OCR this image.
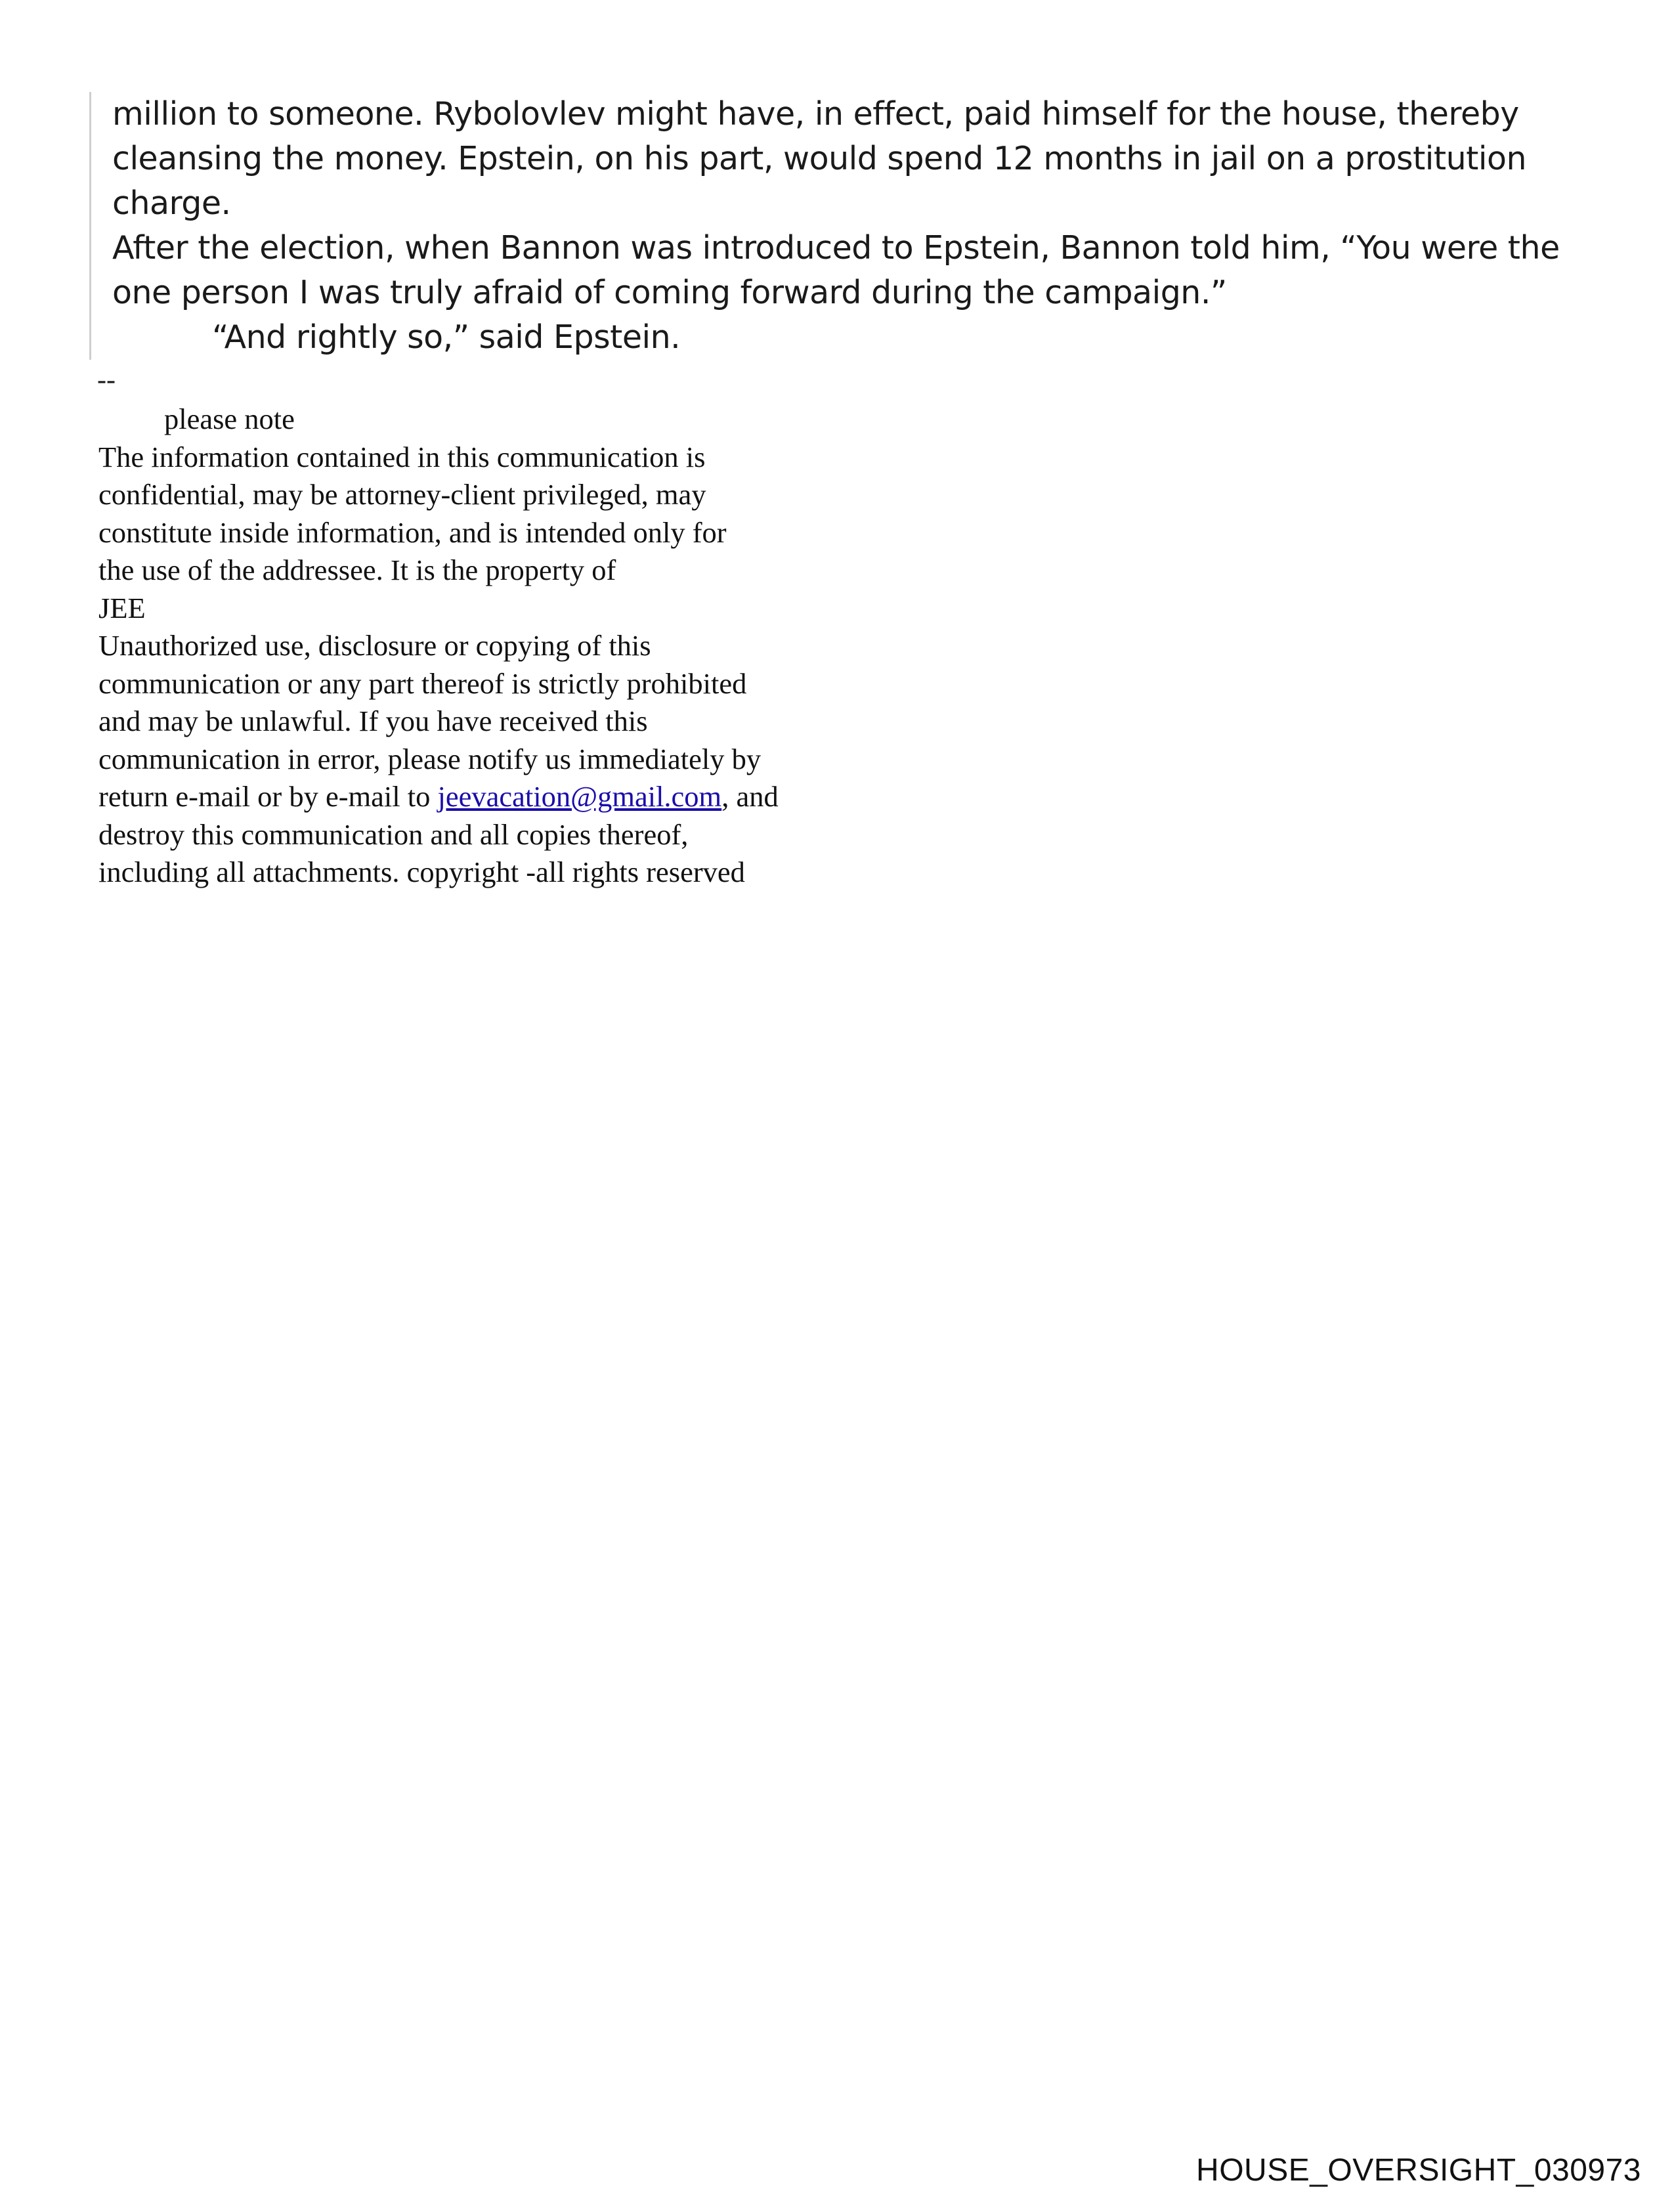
million to someone. Rybolovlev might have, in effect, paid himself for the house, thereby cleansing the money. Epstein, on his part, would spend 12 months in jail on a prostitution charge.

After the election, when Bannon was introduced to Epstein, Bannon told him, “You were the one person I was truly afraid of coming forward during the campaign.”

“And rightly so,” said Epstein.

--
please note
The information contained in this communication is
confidential, may be attorney-client privileged, may
constitute inside information, and is intended only for
the use of the addressee. It is the property of
JEE
Unauthorized use, disclosure or copying of this
communication or any part thereof is strictly prohibited
and may be unlawful. If you have received this
communication in error, please notify us immediately by
return e-mail or by e-mail to jeevacation@gmail.com, and
destroy this communication and all copies thereof,
including all attachments. copyright -all rights reserved
HOUSE_OVERSIGHT_030973
